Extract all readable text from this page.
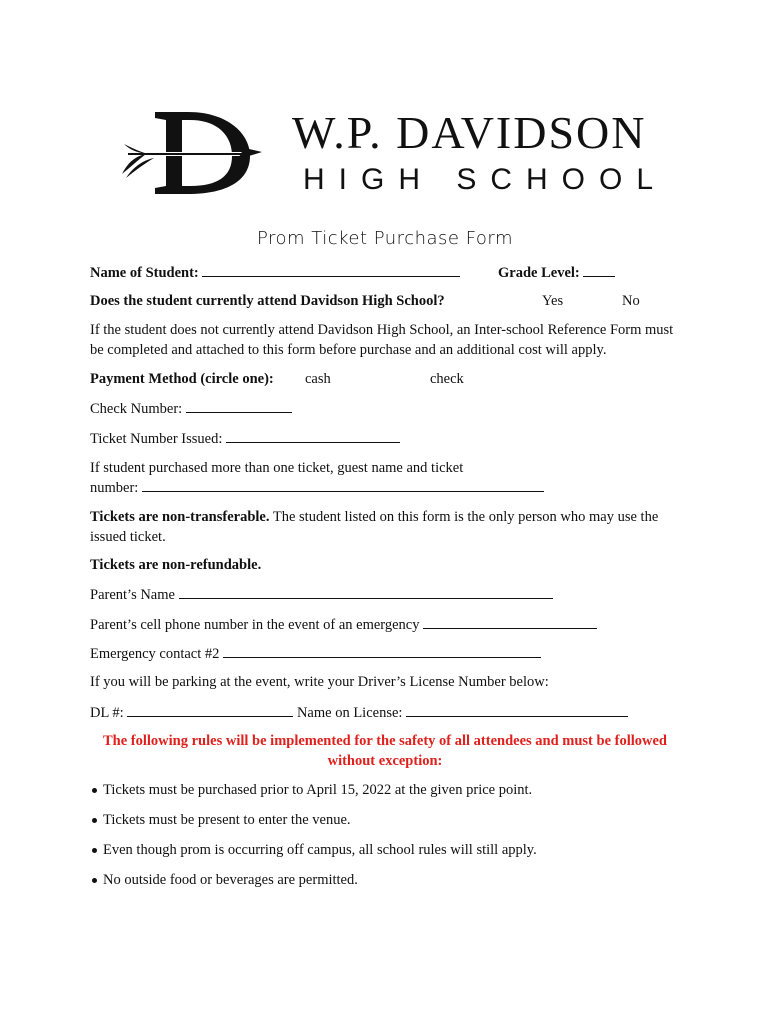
W.P. DAVIDSON
HIGH SCHOOL
Prom Ticket Purchase Form
Name of Student:	Grade Level:
Does the student currently attend Davidson High School?	Yes	No
If the student does not currently attend Davidson High School, an Inter-school Reference Form must be completed and attached to this form before purchase and an additional cost will apply.
Payment Method (circle one): cash	check
Check Number:
Ticket Number Issued:
If student purchased more than one ticket, guest name and ticket
number:
Tickets are non-transferable. The student listed on this form is the only person who may use the issued ticket.
Tickets are non-refundable.
Parent’s Name
Parent’s cell phone number in the event of an emergency
Emergency contact #2
If you will be parking at the event, write your Driver’s License Number below:
DL #:	Name on License:
The following rules will be implemented for the safety of all attendees and must be followed without exception:
Tickets must be purchased prior to April 15, 2022 at the given price point.
Tickets must be present to enter the venue.
Even though prom is occurring off campus, all school rules will still apply.
No outside food or beverages are permitted.
